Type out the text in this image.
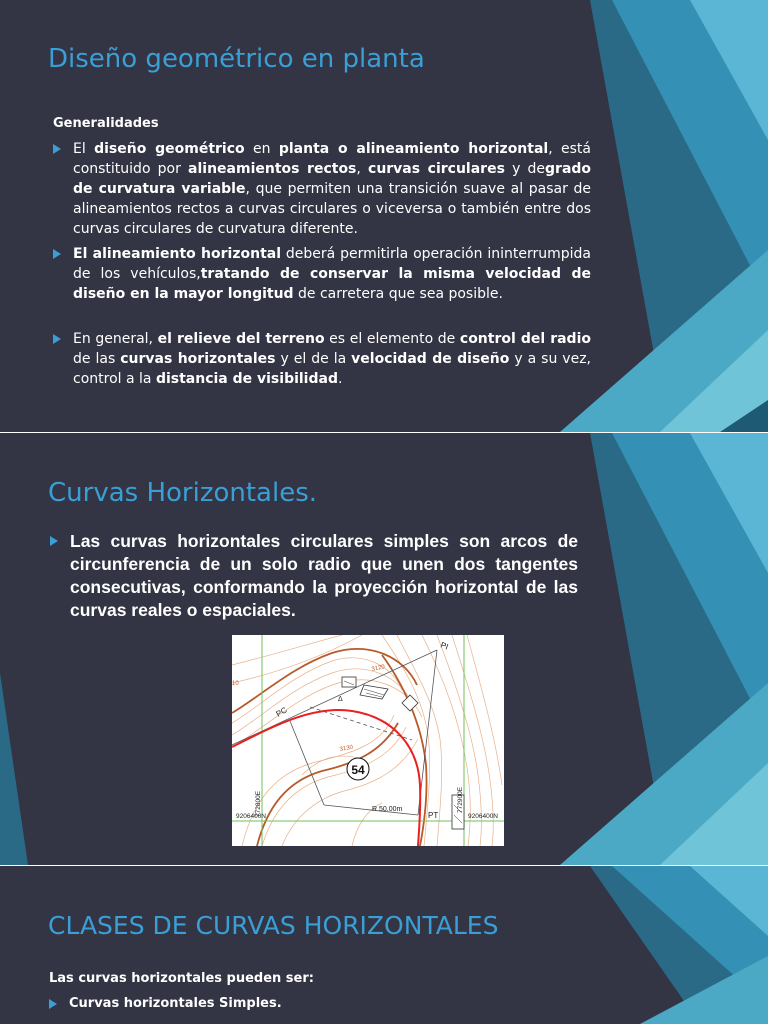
Diseño geométrico en planta
Generalidades
El diseño geométrico en planta o alineamiento horizontal, está constituido por alineamientos rectos, curvas circulares y degrado de curvatura variable, que permiten una transición suave al pasar de alineamientos rectos a curvas circulares o viceversa o también entre dos curvas circulares de curvatura diferente.
El alineamiento horizontal deberá permitirla operación ininterrumpida de los vehículos,tratando de conservar la misma velocidad de diseño en la mayor longitud de carretera que sea posible.
En general, el relieve del terreno es el elemento de control del radio de las curvas horizontales y el de la velocidad de diseño y a su vez, control a la distancia de visibilidad.
Curvas Horizontales.
Las curvas horizontales circulares simples son arcos de circunferencia de un solo radio que unen dos tangentes consecutivas, conformando la proyección horizontal de las curvas reales o espaciales.
54
PI
PC
PT
R 50.00m
9206400N	9206400N
772800E	772900E
3120
3130
10
Δ
CLASES DE CURVAS HORIZONTALES
Las curvas horizontales pueden ser:
Curvas horizontales Simples.
